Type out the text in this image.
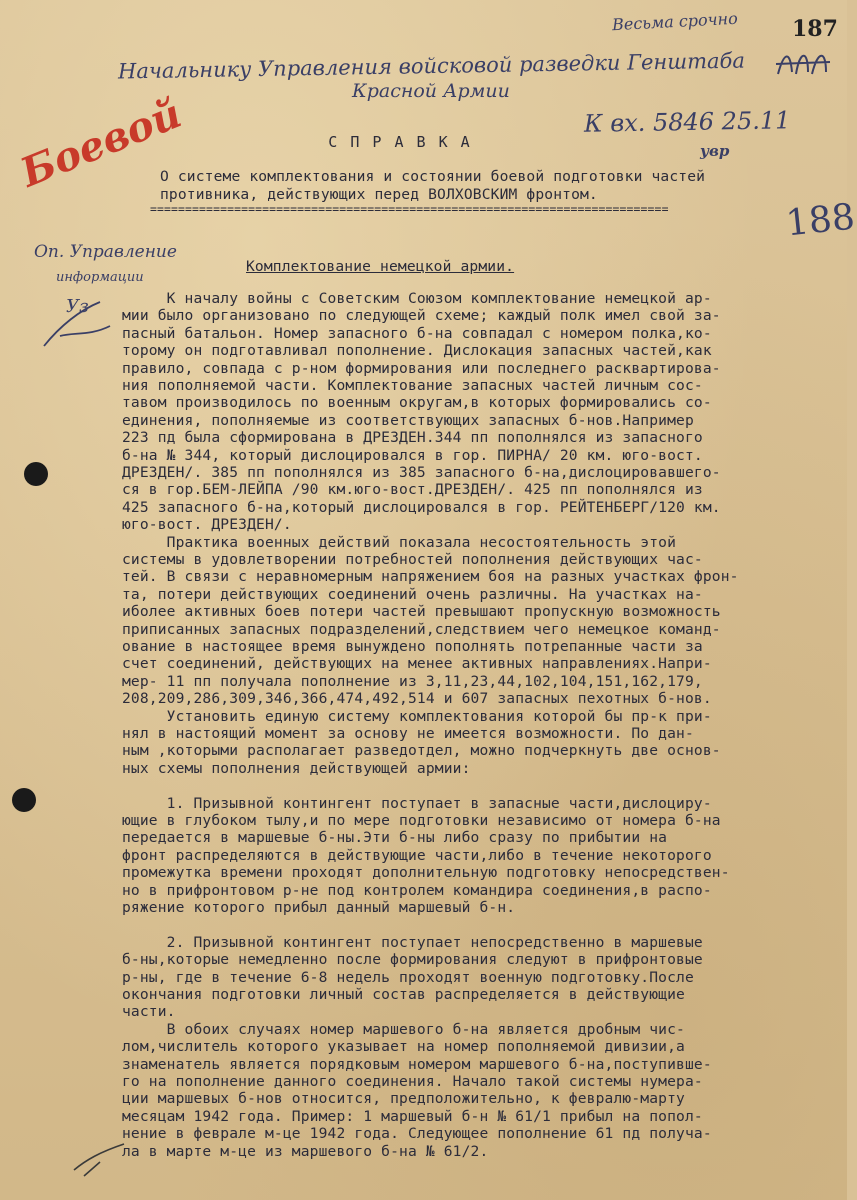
Весьма срочно 187
Начальнику Управления войсковой разведки Генштаба
Красной Армии
К вх. 5846 25.11
увр
Боевой	С П Р А В К А
О системе комплектования и состоянии боевой подготовки частей
противника, действующих перед ВОЛХОВСКИМ фронтом.
==========================================================================	188
Оп. Управление
информации
Уз
Комплектование немецкой армии.
К началу войны с Советским Союзом комплектование немецкой ар-
мии было организовано по следующей схеме; каждый полк имел свой за-
пасный батальон. Номер запасного б-на совпадал с номером полка,ко-
торому он подготавливал пополнение. Дислокация запасных частей,как
правило, совпада с р-ном формирования или последнего расквартирова-
ния пополняемой части. Комплектование запасных частей личным сос-
тавом производилось по военным округам,в которых формировались со-
единения, пополняемые из соответствующих запасных б-нов.Например
223 пд была сформирована в ДРЕЗДЕН.344 пп пополнялся из запасного
б-на № 344, который дислоцировался в гор. ПИРНА/ 20 км. юго-вост.
ДРЕЗДЕН/. 385 пп пополнялся из 385 запасного б-на,дислоцировавшего-
ся в гор.БЕМ-ЛЕЙПА /90 км.юго-вост.ДРЕЗДЕН/. 425 пп пополнялся из
425 запасного б-на,который дислоцировался в гор. РЕЙТЕНБЕРГ/120 км.
юго-вост. ДРЕЗДЕН/.
Практика военных действий показала несостоятельность этой
системы в удовлетворении потребностей пополнения действующих час-
тей. В связи с неравномерным напряжением боя на разных участках фрон-
та, потери действующих соединений очень различны. На участках на-
иболее активных боев потери частей превышают пропускную возможность
приписанных запасных подразделений,следствием чего немецкое команд-
ование в настоящее время вынуждено пополнять потрепанные части за
счет соединений, действующих на менее активных направлениях.Напри-
мер- 11 пп получала пополнение из 3,11,23,44,102,104,151,162,179,
208,209,286,309,346,366,474,492,514 и 607 запасных пехотных б-нов.
Установить единую систему комплектования которой бы пр-к при-
нял в настоящий момент за основу не имеется возможности. По дан-
ным ,которыми располагает разведотдел, можно подчеркнуть две основ-
ных схемы пополнения действующей армии:
1. Призывной контингент поступает в запасные части,дислоциру-
ющие в глубоком тылу,и по мере подготовки независимо от номера б-на
передается в маршевые б-ны.Эти б-ны либо сразу по прибытии на
фронт распределяются в действующие части,либо в течение некоторого
промежутка времени проходят дополнительную подготовку непосредствен-
но в прифронтовом р-не под контролем командира соединения,в распо-
ряжение которого прибыл данный маршевый б-н.
2. Призывной контингент поступает непосредственно в маршевые
б-ны,которые немедленно после формирования следуют в прифронтовые
р-ны, где в течение 6-8 недель проходят военную подготовку.После
окончания подготовки личный состав распределяется в действующие
части.
В обоих случаях номер маршевого б-на является дробным чис-
лом,числитель которого указывает на номер пополняемой дивизии,а
знаменатель является порядковым номером маршевого б-на,поступивше-
го на пополнение данного соединения. Начало такой системы нумера-
ции маршевых б-нов относится, предположительно, к февралю-марту
месяцам 1942 года. Пример: 1 маршевый б-н № 61/1 прибыл на попол-
нение в феврале м-це 1942 года. Следующее пополнение 61 пд получа-
ла в марте м-це из маршевого б-на № 61/2.
